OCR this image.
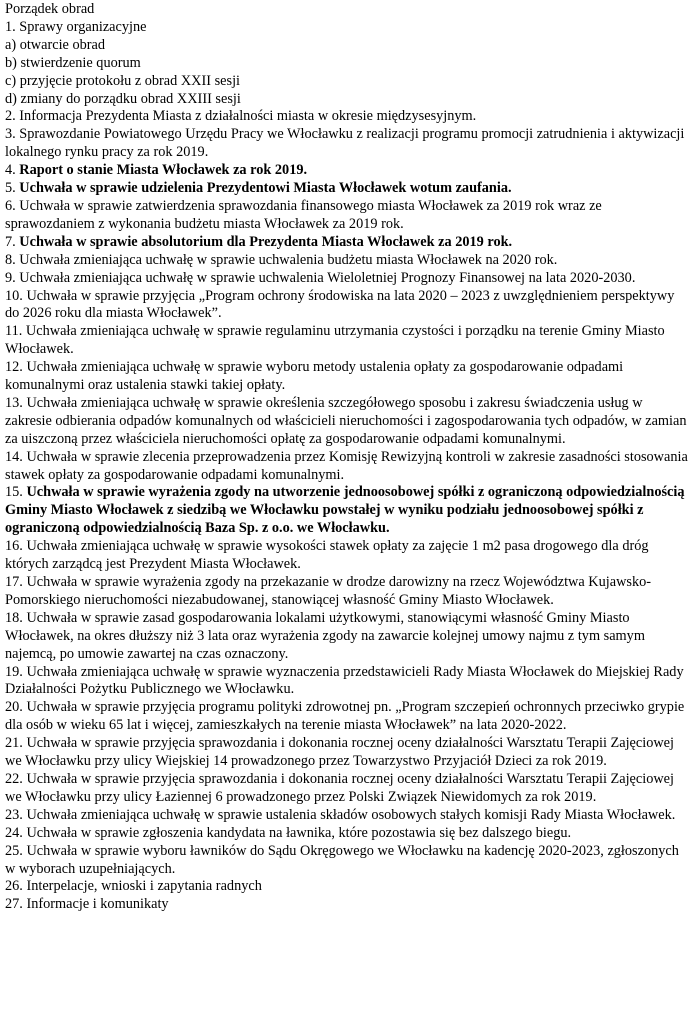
Porządek obrad

1. Sprawy organizacyjne

a) otwarcie obrad

b) stwierdzenie quorum

c) przyjęcie protokołu z obrad XXII sesji

d) zmiany do porządku obrad XXIII sesji

2. Informacja Prezydenta Miasta z działalności miasta w okresie międzysesyjnym.

3. Sprawozdanie Powiatowego Urzędu Pracy we Włocławku z realizacji programu promocji zatrudnienia i aktywizacji lokalnego rynku pracy za rok 2019.

4. Raport o stanie Miasta Włocławek za rok 2019.

5. Uchwała w sprawie udzielenia Prezydentowi Miasta Włocławek wotum zaufania.

6. Uchwała w sprawie zatwierdzenia sprawozdania finansowego miasta Włocławek za 2019 rok wraz ze sprawozdaniem z wykonania budżetu miasta Włocławek za 2019 rok.

7. Uchwała w sprawie absolutorium dla Prezydenta Miasta Włocławek za 2019 rok.

8. Uchwała zmieniająca uchwałę w sprawie uchwalenia budżetu miasta Włocławek na 2020 rok.

9. Uchwała zmieniająca uchwałę w sprawie uchwalenia Wieloletniej Prognozy Finansowej na lata 2020-2030.

10. Uchwała w sprawie przyjęcia „Program ochrony środowiska na lata 2020 – 2023 z uwzględnieniem perspektywy do 2026 roku dla miasta Włocławek”.

11. Uchwała zmieniająca uchwałę w sprawie regulaminu utrzymania czystości i porządku na terenie Gminy Miasto Włocławek.

12. Uchwała zmieniająca uchwałę w sprawie wyboru metody ustalenia opłaty za gospodarowanie odpadami komunalnymi oraz ustalenia stawki takiej opłaty.

13. Uchwała zmieniająca uchwałę w sprawie określenia szczegółowego sposobu i zakresu świadczenia usług w zakresie odbierania odpadów komunalnych od właścicieli nieruchomości i zagospodarowania tych odpadów, w zamian za uiszczoną przez właściciela nieruchomości opłatę za gospodarowanie odpadami komunalnymi.

14. Uchwała w sprawie zlecenia przeprowadzenia przez Komisję Rewizyjną kontroli w zakresie zasadności stosowania stawek opłaty za gospodarowanie odpadami komunalnymi.

15. Uchwała w sprawie wyrażenia zgody na utworzenie jednoosobowej spółki z ograniczoną odpowiedzialnością Gminy Miasto Włocławek z siedzibą we Włocławku powstałej w wyniku podziału jednoosobowej spółki z ograniczoną odpowiedzialnością Baza Sp. z o.o. we Włocławku.

16. Uchwała zmieniająca uchwałę w sprawie wysokości stawek opłaty za zajęcie 1 m2 pasa drogowego dla dróg których zarządcą jest Prezydent Miasta Włocławek.

17. Uchwała w sprawie wyrażenia zgody na przekazanie w drodze darowizny na rzecz Województwa Kujawsko-Pomorskiego nieruchomości niezabudowanej, stanowiącej własność Gminy Miasto Włocławek.

18. Uchwała w sprawie zasad gospodarowania lokalami użytkowymi, stanowiącymi własność Gminy Miasto Włocławek, na okres dłuższy niż 3 lata oraz wyrażenia zgody na zawarcie kolejnej umowy najmu z tym samym najemcą, po umowie zawartej na czas oznaczony.

19. Uchwała zmieniająca uchwałę w sprawie wyznaczenia przedstawicieli Rady Miasta Włocławek do Miejskiej Rady Działalności Pożytku Publicznego we Włocławku.

20. Uchwała w sprawie przyjęcia programu polityki zdrowotnej pn. „Program szczepień ochronnych przeciwko grypie dla osób w wieku 65 lat i więcej, zamieszkałych na terenie miasta Włocławek” na lata 2020-2022.

21. Uchwała w sprawie przyjęcia sprawozdania i dokonania rocznej oceny działalności Warsztatu Terapii Zajęciowej we Włocławku przy ulicy Wiejskiej 14 prowadzonego przez Towarzystwo Przyjaciół Dzieci za rok 2019.

22. Uchwała w sprawie przyjęcia sprawozdania i dokonania rocznej oceny działalności Warsztatu Terapii Zajęciowej we Włocławku przy ulicy Łaziennej 6 prowadzonego przez Polski Związek Niewidomych za rok 2019.

23. Uchwała zmieniająca uchwałę w sprawie ustalenia składów osobowych stałych komisji Rady Miasta Włocławek.

24. Uchwała w sprawie zgłoszenia kandydata na ławnika, które pozostawia się bez dalszego biegu.

25. Uchwała w sprawie wyboru ławników do Sądu Okręgowego we Włocławku na kadencję 2020-2023, zgłoszonych w wyborach uzupełniających.

26. Interpelacje, wnioski i zapytania radnych

27. Informacje i komunikaty
